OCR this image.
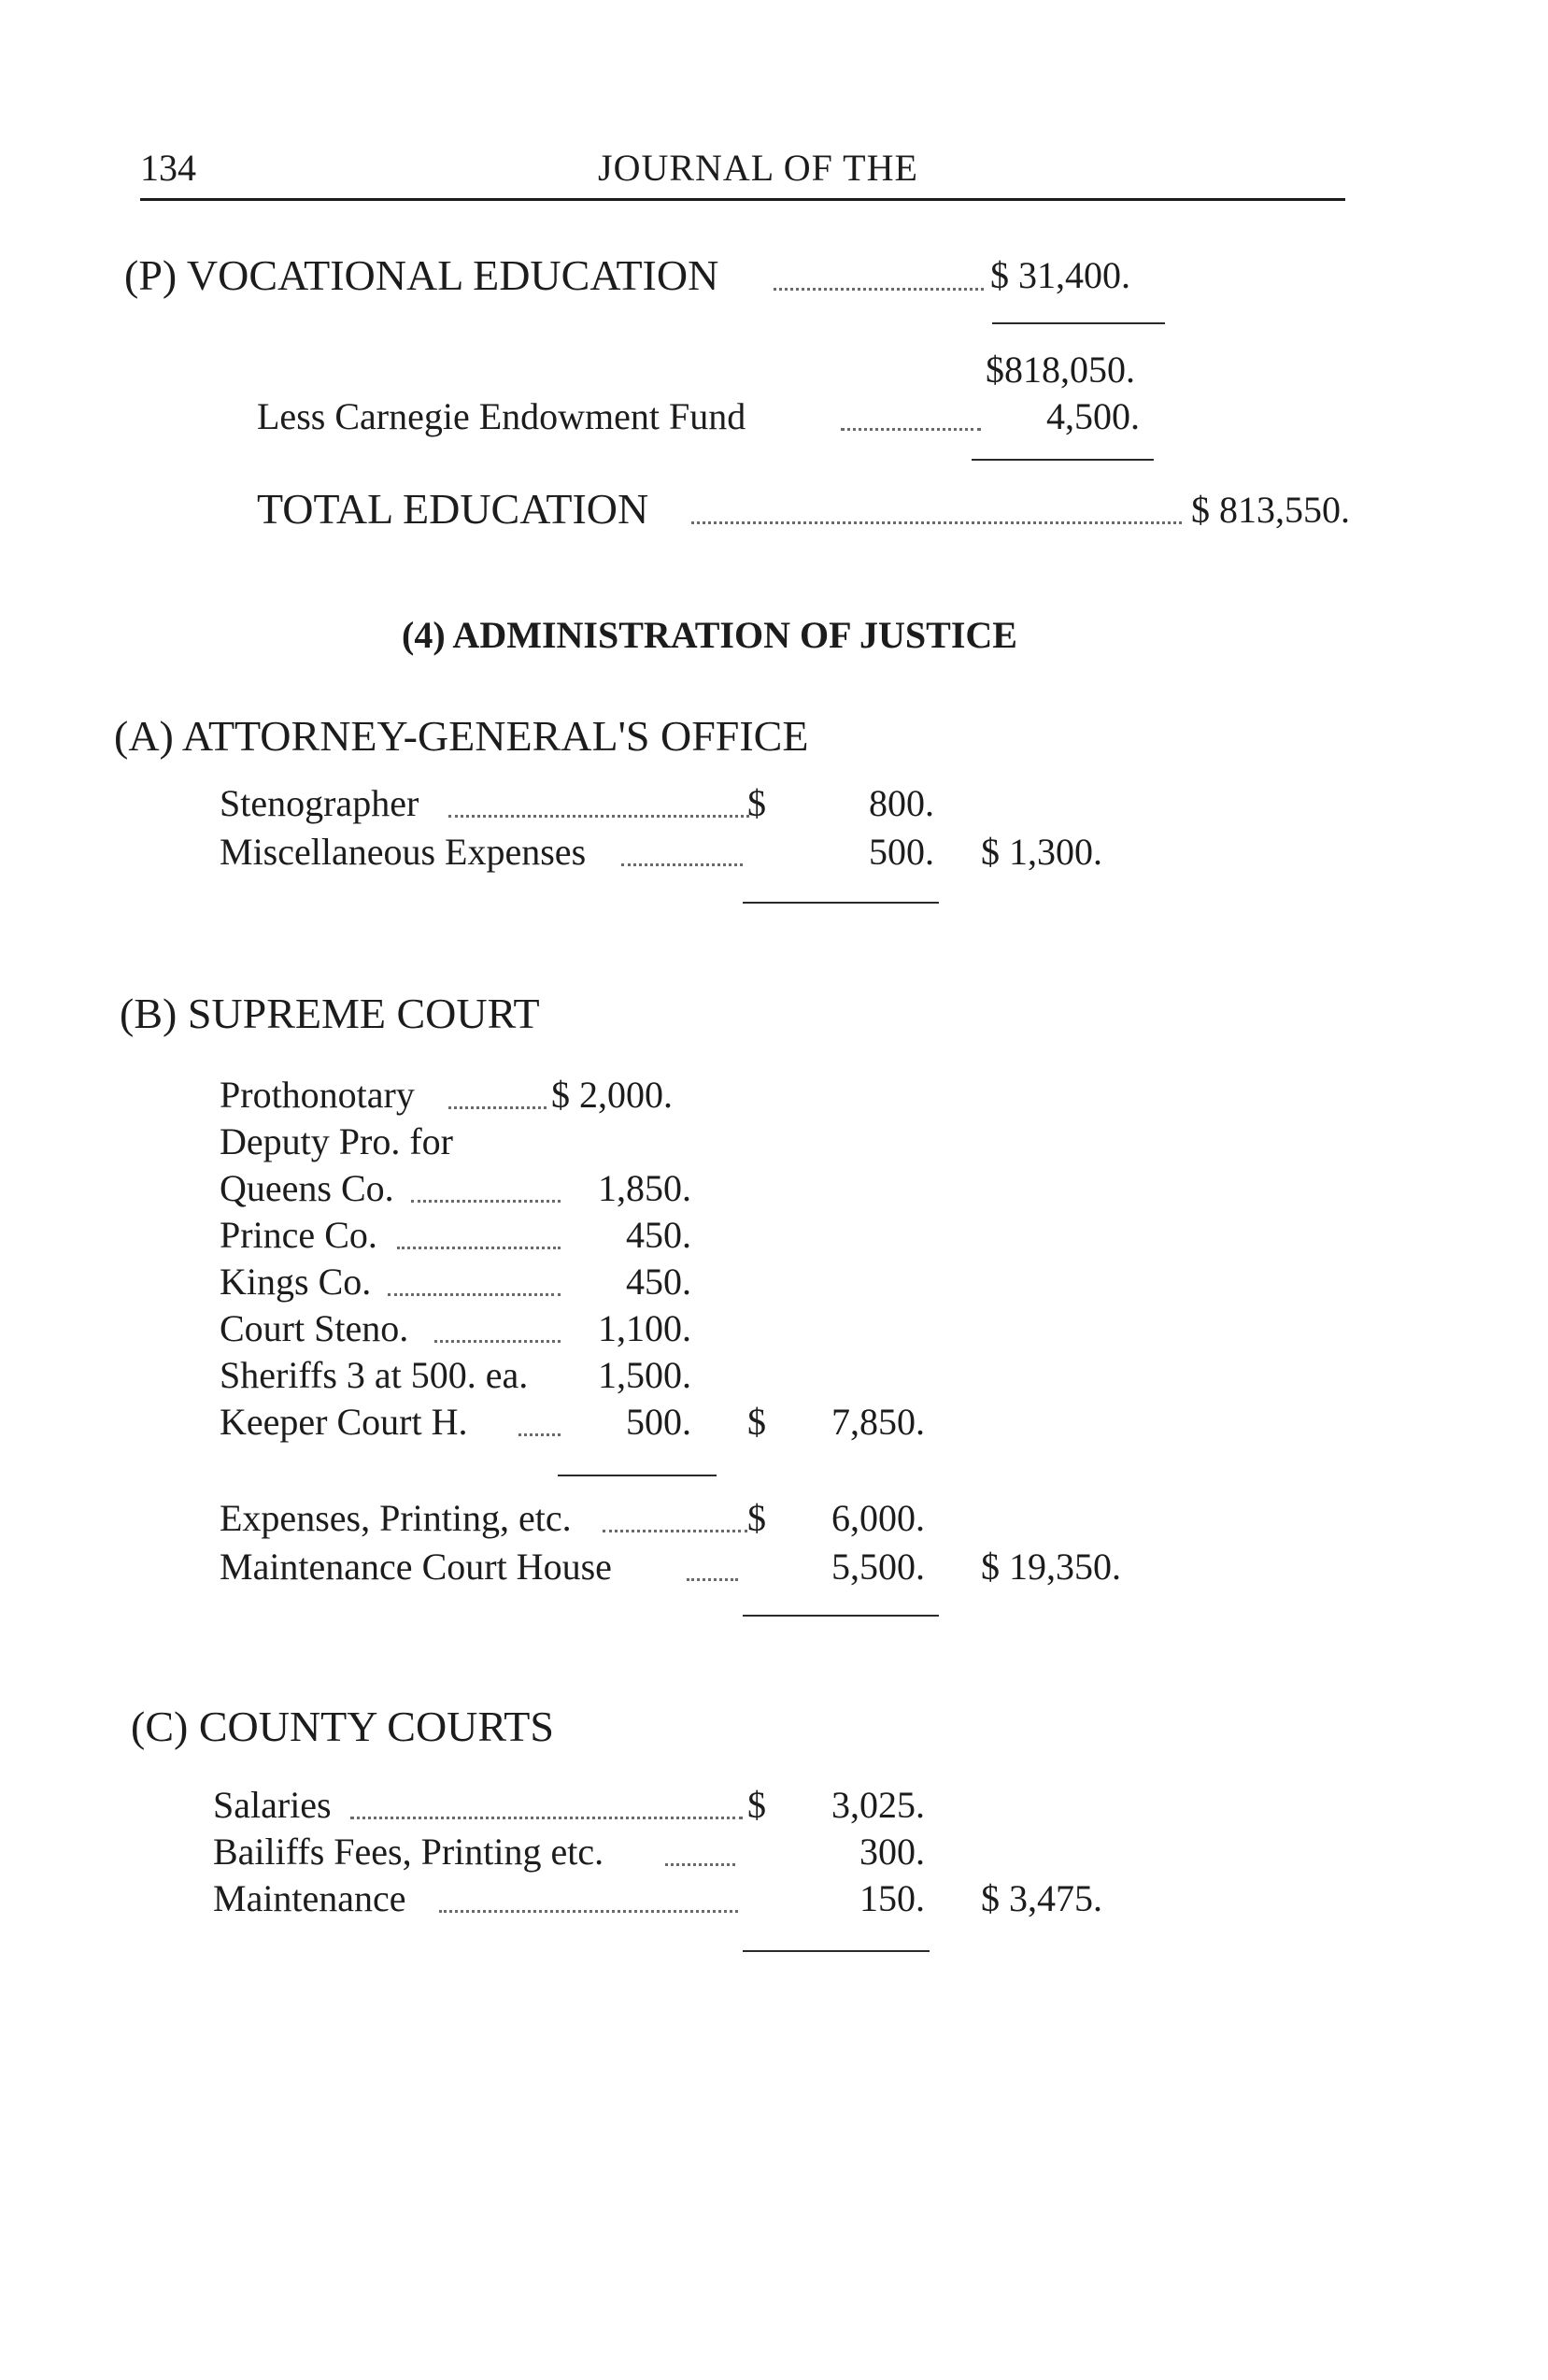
134	JOURNAL OF THE
(P) VOCATIONAL EDUCATION	$ 31,400.
$818,050.
Less Carnegie Endowment Fund	4,500.
TOTAL EDUCATION	$ 813,550.
(4) ADMINISTRATION OF JUSTICE
(A) ATTORNEY-GENERAL'S OFFICE
Stenographer	$	800.
Miscellaneous Expenses	500. $ 1,300.
(B) SUPREME COURT
Prothonotary	$ 2,000.
Deputy Pro. for
Queens Co.	1,850.
Prince Co.	450.
Kings Co.	450.
Court Steno.	1,100.
Sheriffs 3 at 500. ea. 1,500.
Keeper Court H.	500. $ 7,850.
Expenses, Printing, etc.	$ 6,000.
Maintenance Court House	5,500. $ 19,350.
(C) COUNTY COURTS
Salaries	$ 3,025.
Bailiffs Fees, Printing etc.	300.
Maintenance	150. $ 3,475.
